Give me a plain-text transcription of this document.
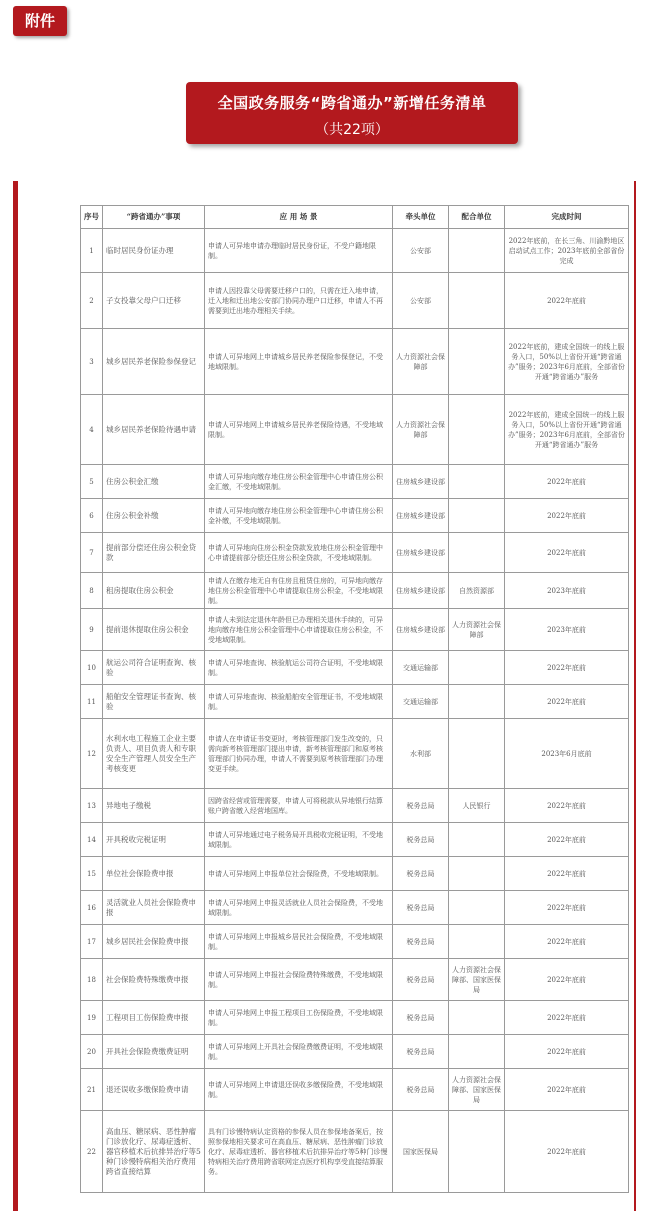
附件
全国政务服务“跨省通办”新增任务清单
（共22项）
序号	“跨省通办”事项	应 用 场 景	牵头单位	配合单位	完成时间
1	临时居民身份证办理	申请人可异地申请办理临时居民身份证，不受户籍地限制。	公安部		2022年底前，在长三角、川渝黔地区启动试点工作；2023年底前全部省份完成
2	子女投靠父母户口迁移	申请人因投靠父母需要迁移户口的，只需在迁入地申请，迁入地和迁出地公安部门协同办理户口迁移，申请人不再需要到迁出地办理相关手续。	公安部		2022年底前
3	城乡居民养老保险参保登记	申请人可异地网上申请城乡居民养老保险参保登记，不受地域限制。	人力资源社会保障部		2022年底前，建成全国统一的线上服务入口，50%以上省份开通“跨省通办”服务；2023年6月底前，全部省份开通“跨省通办”服务
4	城乡居民养老保险待遇申请	申请人可异地网上申请城乡居民养老保险待遇，不受地域限制。	人力资源社会保障部		2022年底前，建成全国统一的线上服务入口，50%以上省份开通“跨省通办”服务；2023年6月底前，全部省份开通“跨省通办”服务
5	住房公积金汇缴	申请人可异地向缴存地住房公积金管理中心申请住房公积金汇缴，不受地域限制。	住房城乡建设部		2022年底前
6	住房公积金补缴	申请人可异地向缴存地住房公积金管理中心申请住房公积金补缴，不受地域限制。	住房城乡建设部		2022年底前
7	提前部分偿还住房公积金贷款	申请人可异地向住房公积金贷款发放地住房公积金管理中心申请提前部分偿还住房公积金贷款，不受地域限制。	住房城乡建设部		2022年底前
8	租房提取住房公积金	申请人在缴存地无自有住房且租赁住房的，可异地向缴存地住房公积金管理中心申请提取住房公积金，不受地域限制。	住房城乡建设部	自然资源部	2023年底前
9	提前退休提取住房公积金	申请人未到法定退休年龄但已办理相关退休手续的，可异地向缴存地住房公积金管理中心申请提取住房公积金，不受地域限制。	住房城乡建设部	人力资源社会保障部	2023年底前
10	航运公司符合证明查询、核验	申请人可异地查询、核验航运公司符合证明，不受地域限制。	交通运输部		2022年底前
11	船舶安全管理证书查询、核验	申请人可异地查询、核验船舶安全管理证书，不受地域限制。	交通运输部		2022年底前
12	水利水电工程施工企业主要负责人、项目负责人和专职安全生产管理人员安全生产考核变更	申请人在申请证书变更时，考核管理部门发生改变的，只需向新考核管理部门提出申请，新考核管理部门和原考核管理部门协同办理，申请人不需要到原考核管理部门办理变更手续。	水利部		2023年6月底前
13	异地电子缴税	因跨省经营或管理需要，申请人可将税款从异地银行结算账户跨省缴入经营地国库。	税务总局	人民银行	2022年底前
14	开具税收完税证明	申请人可异地通过电子税务局开具税收完税证明，不受地域限制。	税务总局		2022年底前
15	单位社会保险费申报	申请人可异地网上申报单位社会保险费，不受地域限制。	税务总局		2022年底前
16	灵活就业人员社会保险费申报	申请人可异地网上申报灵活就业人员社会保险费，不受地域限制。	税务总局		2022年底前
17	城乡居民社会保险费申报	申请人可异地网上申报城乡居民社会保险费，不受地域限制。	税务总局		2022年底前
18	社会保险费特殊缴费申报	申请人可异地网上申报社会保险费特殊缴费，不受地域限制。	税务总局	人力资源社会保障部、国家医保局	2022年底前
19	工程项目工伤保险费申报	申请人可异地网上申报工程项目工伤保险费，不受地域限制。	税务总局		2022年底前
20	开具社会保险费缴费证明	申请人可异地网上开具社会保险费缴费证明，不受地域限制。	税务总局		2022年底前
21	退还误收多缴保险费申请	申请人可异地网上申请退还误收多缴保险费，不受地域限制。	税务总局	人力资源社会保障部、国家医保局	2022年底前
22	高血压、糖尿病、恶性肿瘤门诊放化疗、尿毒症透析、器官移植术后抗排异治疗等5种门诊慢特病相关治疗费用跨省直接结算	具有门诊慢特病认定资格的参保人员在参保地备案后，按照参保地相关要求可在高血压、糖尿病、恶性肿瘤门诊放化疗、尿毒症透析、器官移植术后抗排异治疗等5种门诊慢特病相关治疗费用跨省联网定点医疗机构享受直接结算服务。	国家医保局		2022年底前
